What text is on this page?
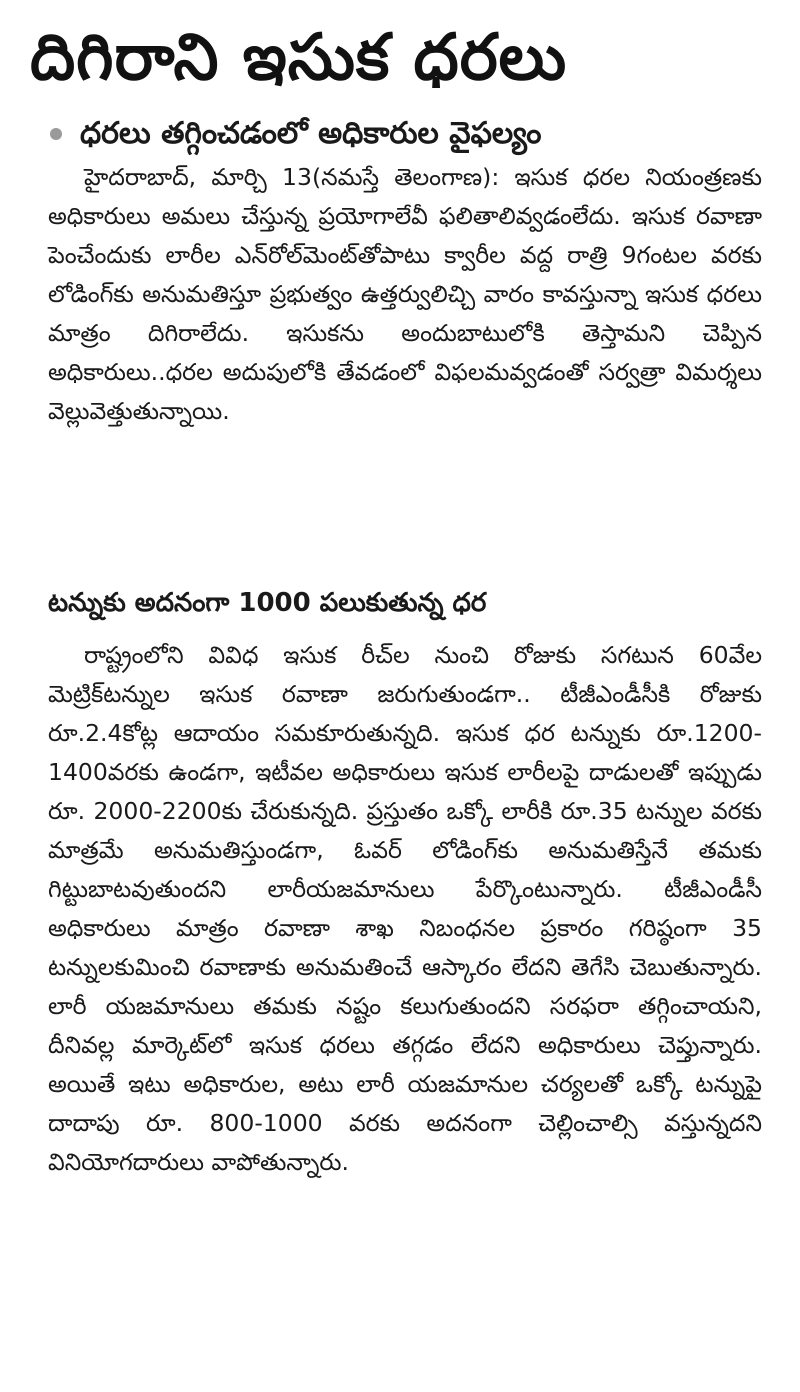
దిగిరాని ఇసుక ధరలు
ధరలు తగ్గించడంలో అధికారుల వైఫల్యం

హైదరాబాద్, మార్చి 13(నమస్తే తెలంగాణ): ఇసుక ధరల నియంత్రణకు అధికారులు అమలు చేస్తున్న ప్రయోగాలేవీ ఫలితాలివ్వడంలేదు. ఇసుక రవాణా పెంచేందుకు లారీల ఎన్‌రోల్‌మెంట్‌తోపాటు క్వారీల వద్ద రాత్రి 9గంటల వరకు లోడింగ్‌కు అనుమతిస్తూ ప్రభుత్వం ఉత్తర్వులిచ్చి వారం కావస్తున్నా ఇసుక ధరలు మాత్రం దిగిరాలేదు. ఇసుకను అందుబాటులోకి తెస్తామని చెప్పిన అధికారులు..ధరల అదుపులోకి తేవడంలో విఫలమవ్వడంతో సర్వత్రా విమర్శలు వెల్లువెత్తుతున్నాయి.

టన్నుకు అదనంగా 1000 పలుకుతున్న ధర

రాష్ట్రంలోని వివిధ ఇసుక రీచ్‌ల నుంచి రోజుకు సగటున 60వేల మెట్రిక్‌టన్నుల ఇసుక రవాణా జరుగుతుండగా.. టీజీఎండీసీకి రోజుకు రూ.2.4కోట్ల ఆదాయం సమకూరుతున్నది. ఇసుక ధర టన్నుకు రూ.1200-1400వరకు ఉండగా, ఇటీవల అధికారులు ఇసుక లారీలపై దాడులతో ఇప్పుడు రూ. 2000-2200కు చేరుకున్నది. ప్రస్తుతం ఒక్కో లారీకి రూ.35 టన్నుల వరకు మాత్రమే అనుమతిస్తుండగా, ఓవర్ లోడింగ్‌కు అనుమతిస్తేనే తమకు గిట్టుబాటవుతుందని లారీయజమానులు పేర్కొంటున్నారు. టీజీఎండీసీ అధికారులు మాత్రం రవాణా శాఖ నిబంధనల ప్రకారం గరిష్ఠంగా 35 టన్నులకుమించి రవాణాకు అనుమతించే ఆస్కారం లేదని తెగేసి చెబుతున్నారు. లారీ యజమానులు తమకు నష్టం కలుగుతుందని సరఫరా తగ్గించాయని, దీనివల్ల మార్కెట్‌లో ఇసుక ధరలు తగ్గడం లేదని అధికారులు చెప్తున్నారు. అయితే ఇటు అధికారుల, అటు లారీ యజమానుల చర్యలతో ఒక్కో టన్నుపై దాదాపు రూ. 800-1000 వరకు అదనంగా చెల్లించాల్సి వస్తున్నదని వినియోగదారులు వాపోతున్నారు.
